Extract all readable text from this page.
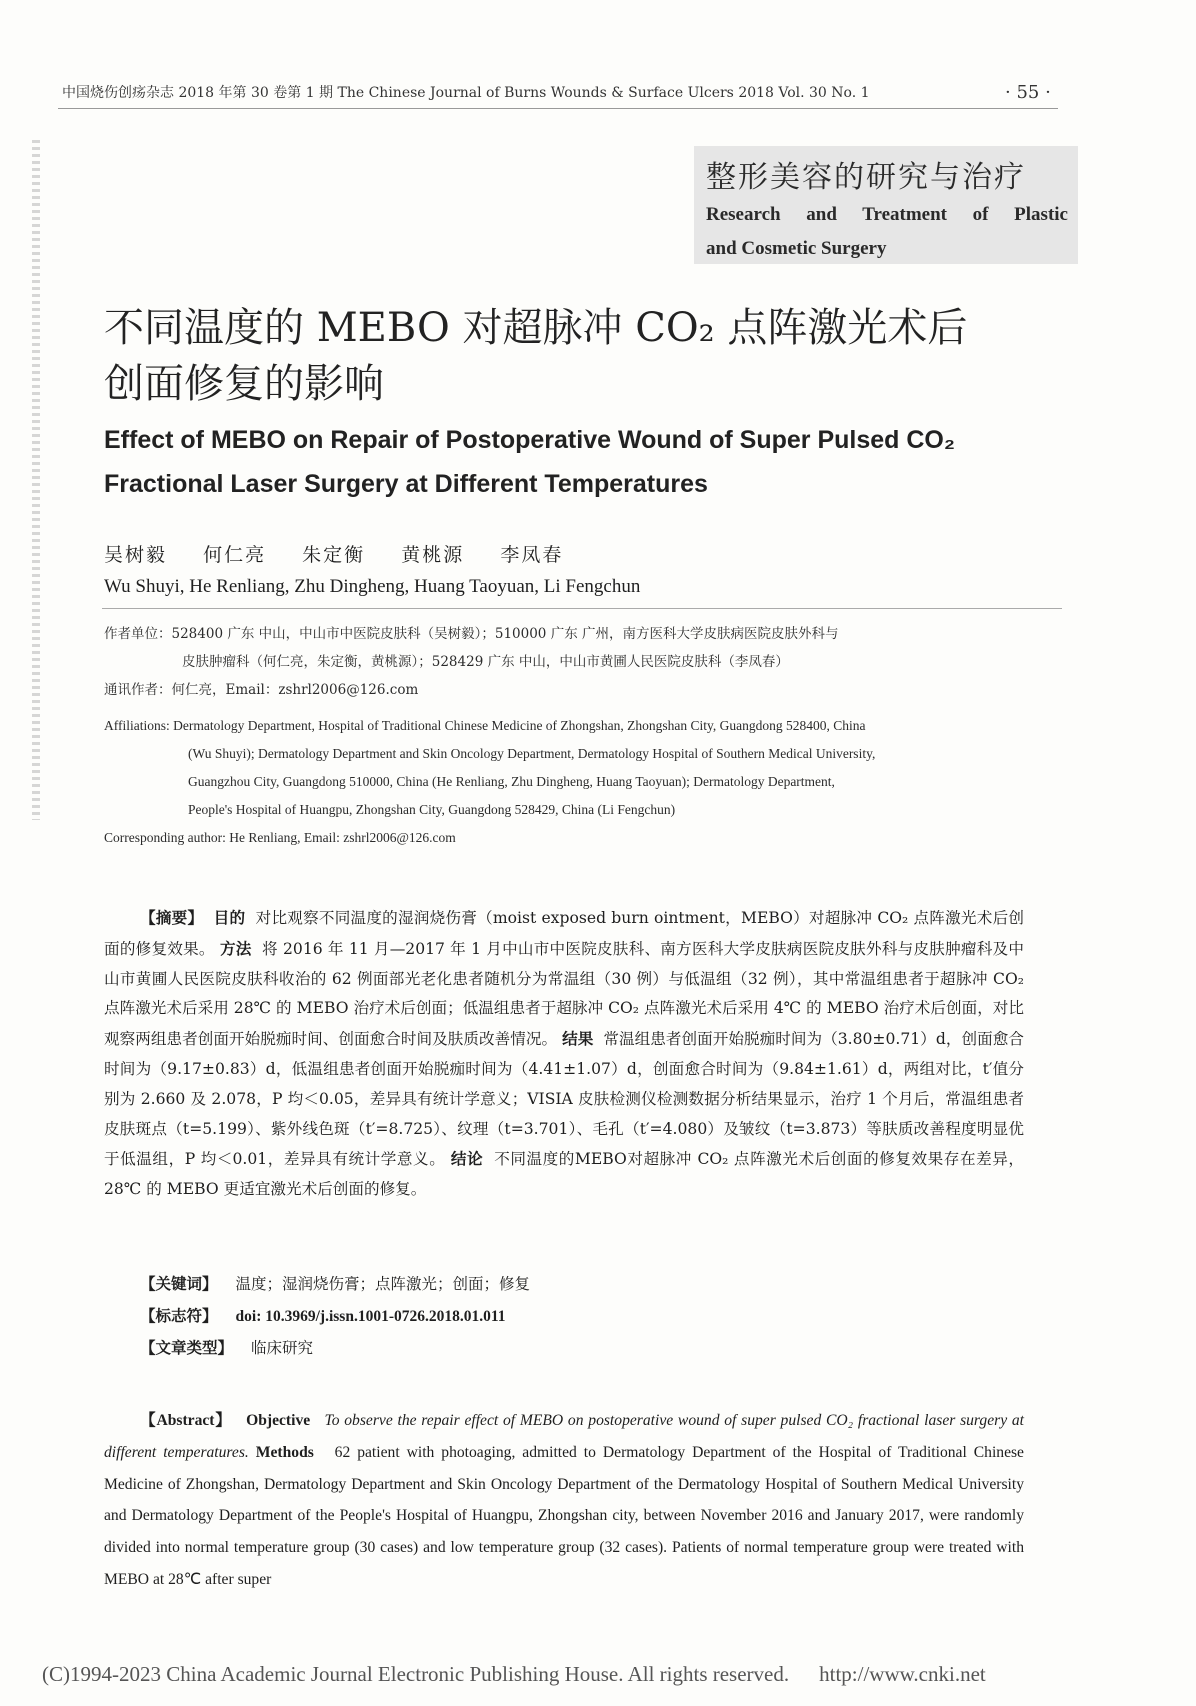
中国烧伤创疡杂志 2018 年第 30 卷第 1 期 The Chinese Journal of Burns Wounds & Surface Ulcers 2018 Vol. 30 No. 1	· 55 ·
整形美容的研究与治疗
Research and Treatment of Plastic
and Cosmetic Surgery
不同温度的 MEBO 对超脉冲 CO₂ 点阵激光术后
创面修复的影响
Effect of MEBO on Repair of Postoperative Wound of Super Pulsed CO₂
Fractional Laser Surgery at Different Temperatures
吴树毅  何仁亮  朱定衡  黄桃源  李凤春
Wu Shuyi, He Renliang, Zhu Dingheng, Huang Taoyuan, Li Fengchun
作者单位：528400 广东 中山，中山市中医院皮肤科（吴树毅）；510000 广东 广州，南方医科大学皮肤病医院皮肤外科与
皮肤肿瘤科（何仁亮，朱定衡，黄桃源）；528429 广东 中山，中山市黄圃人民医院皮肤科（李凤春）
通讯作者：何仁亮，Email：zshrl2006@126.com
Affiliations: Dermatology Department, Hospital of Traditional Chinese Medicine of Zhongshan, Zhongshan City, Guangdong 528400, China
(Wu Shuyi); Dermatology Department and Skin Oncology Department, Dermatology Hospital of Southern Medical University,
Guangzhou City, Guangdong 510000, China (He Renliang, Zhu Dingheng, Huang Taoyuan); Dermatology Department,
People's Hospital of Huangpu, Zhongshan City, Guangdong 528429, China (Li Fengchun)
Corresponding author: He Renliang, Email: zshrl2006@126.com
【摘要】 目的 对比观察不同温度的湿润烧伤膏（moist exposed burn ointment，MEBO）对超脉冲 CO₂ 点阵激光术后创面的修复效果。 方法 将 2016 年 11 月—2017 年 1 月中山市中医院皮肤科、南方医科大学皮肤病医院皮肤外科与皮肤肿瘤科及中山市黄圃人民医院皮肤科收治的 62 例面部光老化患者随机分为常温组（30 例）与低温组（32 例），其中常温组患者于超脉冲 CO₂ 点阵激光术后采用 28℃ 的 MEBO 治疗术后创面；低温组患者于超脉冲 CO₂ 点阵激光术后采用 4℃ 的 MEBO 治疗术后创面，对比观察两组患者创面开始脱痂时间、创面愈合时间及肤质改善情况。 结果 常温组患者创面开始脱痂时间为（3.80±0.71）d，创面愈合时间为（9.17±0.83）d，低温组患者创面开始脱痂时间为（4.41±1.07）d，创面愈合时间为（9.84±1.61）d，两组对比，t′值分别为 2.660 及 2.078，P 均＜0.05，差异具有统计学意义；VISIA 皮肤检测仪检测数据分析结果显示，治疗 1 个月后，常温组患者皮肤斑点（t=5.199）、紫外线色斑（t′=8.725）、纹理（t=3.701）、毛孔（t′=4.080）及皱纹（t=3.873）等肤质改善程度明显优于低温组，P 均＜0.01，差异具有统计学意义。 结论 不同温度的MEBO对超脉冲 CO₂ 点阵激光术后创面的修复效果存在差异，28℃ 的 MEBO 更适宜激光术后创面的修复。
【关键词】 温度；湿润烧伤膏；点阵激光；创面；修复
【标志符】 doi: 10.3969/j.issn.1001-0726.2018.01.011
【文章类型】 临床研究
【Abstract】 Objective To observe the repair effect of MEBO on postoperative wound of super pulsed CO₂ fractional laser surgery at different temperatures. Methods 62 patient with photoaging, admitted to Dermatology Department of the Hospital of Traditional Chinese Medicine of Zhongshan, Dermatology Department and Skin Oncology Department of the Dermatology Hospital of Southern Medical University and Dermatology Department of the People's Hospital of Huangpu, Zhongshan city, between November 2016 and January 2017, were randomly divided into normal temperature group (30 cases) and low temperature group (32 cases). Patients of normal temperature group were treated with MEBO at 28℃ after super
(C)1994-2023 China Academic Journal Electronic Publishing House. All rights reserved. http://www.cnki.net
